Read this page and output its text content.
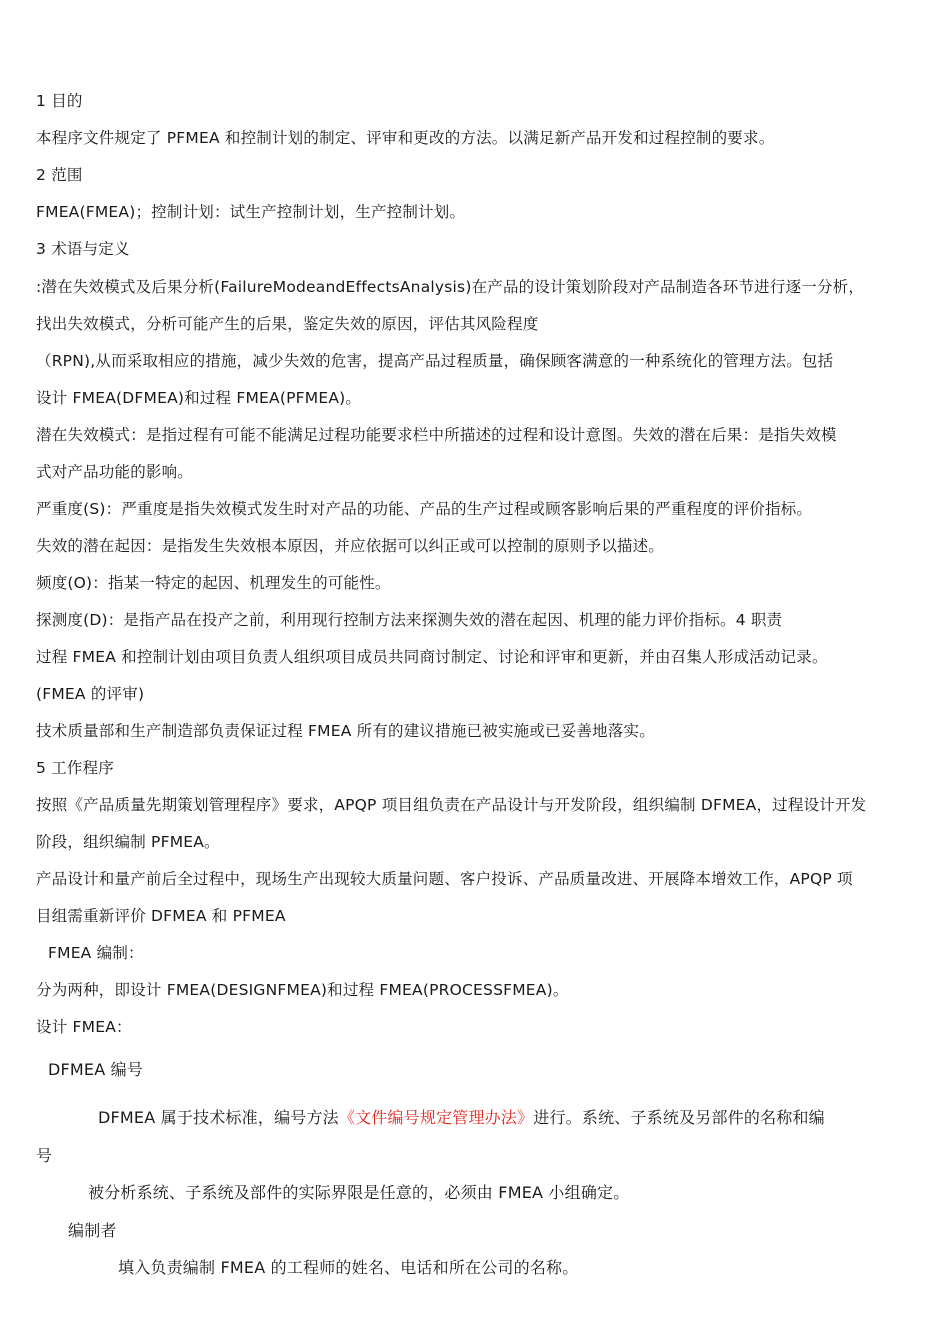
1 目的
本程序文件规定了 PFMEA 和控制计划的制定、评审和更改的方法。以满足新产品开发和过程控制的要求。
2 范围
FMEA(FMEA)；控制计划：试生产控制计划，生产控制计划。
3 术语与定义
:潜在失效模式及后果分析(FailureModeandEffectsAnalysis)在产品的设计策划阶段对产品制造各环节进行逐一分析，
找出失效模式，分析可能产生的后果，鉴定失效的原因，评估其风险程度
（RPN),从而采取相应的措施，减少失效的危害，提高产品过程质量，确保顾客满意的一种系统化的管理方法。包括
设计 FMEA(DFMEA)和过程 FMEA(PFMEA)。
潜在失效模式：是指过程有可能不能满足过程功能要求栏中所描述的过程和设计意图。失效的潜在后果：是指失效模
式对产品功能的影响。
严重度(S)：严重度是指失效模式发生时对产品的功能、产品的生产过程或顾客影响后果的严重程度的评价指标。
失效的潜在起因：是指发生失效根本原因，并应依据可以纠正或可以控制的原则予以描述。
频度(O)：指某一特定的起因、机理发生的可能性。
探测度(D)：是指产品在投产之前，利用现行控制方法来探测失效的潜在起因、机理的能力评价指标。4 职责
过程 FMEA 和控制计划由项目负责人组织项目成员共同商讨制定、讨论和评审和更新，并由召集人形成活动记录。
(FMEA 的评审)
技术质量部和生产制造部负责保证过程 FMEA 所有的建议措施已被实施或已妥善地落实。
5 工作程序
按照《产品质量先期策划管理程序》要求，APQP 项目组负责在产品设计与开发阶段，组织编制 DFMEA，过程设计开发
阶段，组织编制 PFMEA。
产品设计和量产前后全过程中，现场生产出现较大质量问题、客户投诉、产品质量改进、开展降本增效工作，APQP 项
目组需重新评价 DFMEA 和 PFMEA
FMEA 编制：
分为两种，即设计 FMEA(DESIGNFMEA)和过程 FMEA(PROCESSFMEA)。
设计 FMEA：
DFMEA 编号
DFMEA 属于技术标准，编号方法《文件编号规定管理办法》进行。系统、子系统及另部件的名称和编
号
被分析系统、子系统及部件的实际界限是任意的，必须由 FMEA 小组确定。
编制者
填入负责编制 FMEA 的工程师的姓名、电话和所在公司的名称。
